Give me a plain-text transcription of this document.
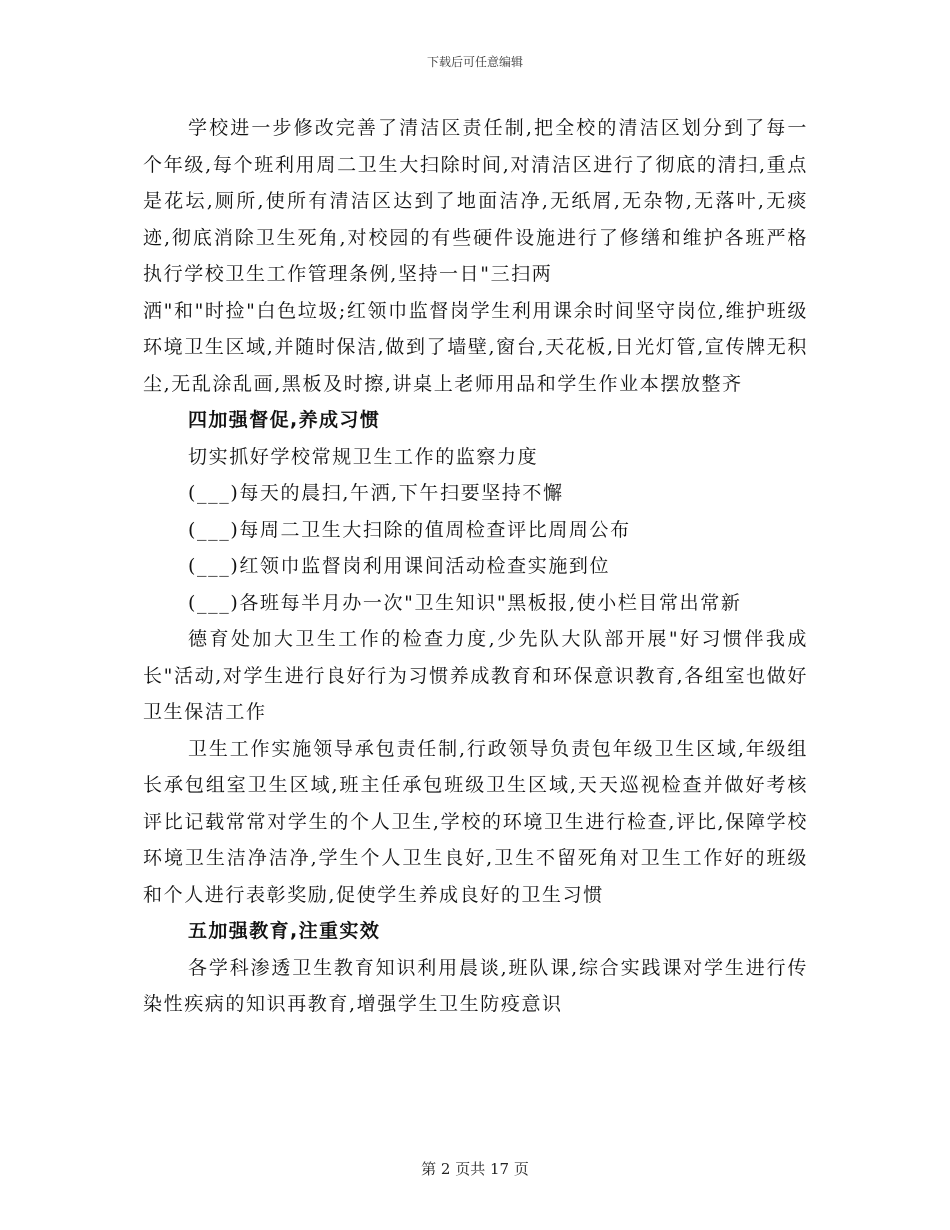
下载后可任意编辑

学校进一步修改完善了清洁区责任制,把全校的清洁区划分到了每一个年级,每个班利用周二卫生大扫除时间,对清洁区进行了彻底的清扫,重点是花坛,厕所,使所有清洁区达到了地面洁净,无纸屑,无杂物,无落叶,无痰迹,彻底消除卫生死角,对校园的有些硬件设施进行了修缮和维护各班严格执行学校卫生工作管理条例,坚持一日"三扫两

洒"和"时捡"白色垃圾;红领巾监督岗学生利用课余时间坚守岗位,维护班级环境卫生区域,并随时保洁,做到了墙壁,窗台,天花板,日光灯管,宣传牌无积尘,无乱涂乱画,黑板及时擦,讲桌上老师用品和学生作业本摆放整齐

四加强督促,养成习惯

切实抓好学校常规卫生工作的监察力度

(___)每天的晨扫,午洒,下午扫要坚持不懈

(___)每周二卫生大扫除的值周检查评比周周公布

(___)红领巾监督岗利用课间活动检查实施到位

(___)各班每半月办一次"卫生知识"黑板报,使小栏目常出常新

德育处加大卫生工作的检查力度,少先队大队部开展"好习惯伴我成长"活动,对学生进行良好行为习惯养成教育和环保意识教育,各组室也做好卫生保洁工作

卫生工作实施领导承包责任制,行政领导负责包年级卫生区域,年级组长承包组室卫生区域,班主任承包班级卫生区域,天天巡视检查并做好考核评比记载常常对学生的个人卫生,学校的环境卫生进行检查,评比,保障学校环境卫生洁净洁净,学生个人卫生良好,卫生不留死角对卫生工作好的班级和个人进行表彰奖励,促使学生养成良好的卫生习惯

五加强教育,注重实效

各学科渗透卫生教育知识利用晨谈,班队课,综合实践课对学生进行传染性疾病的知识再教育,增强学生卫生防疫意识

第 2 页共 17 页
